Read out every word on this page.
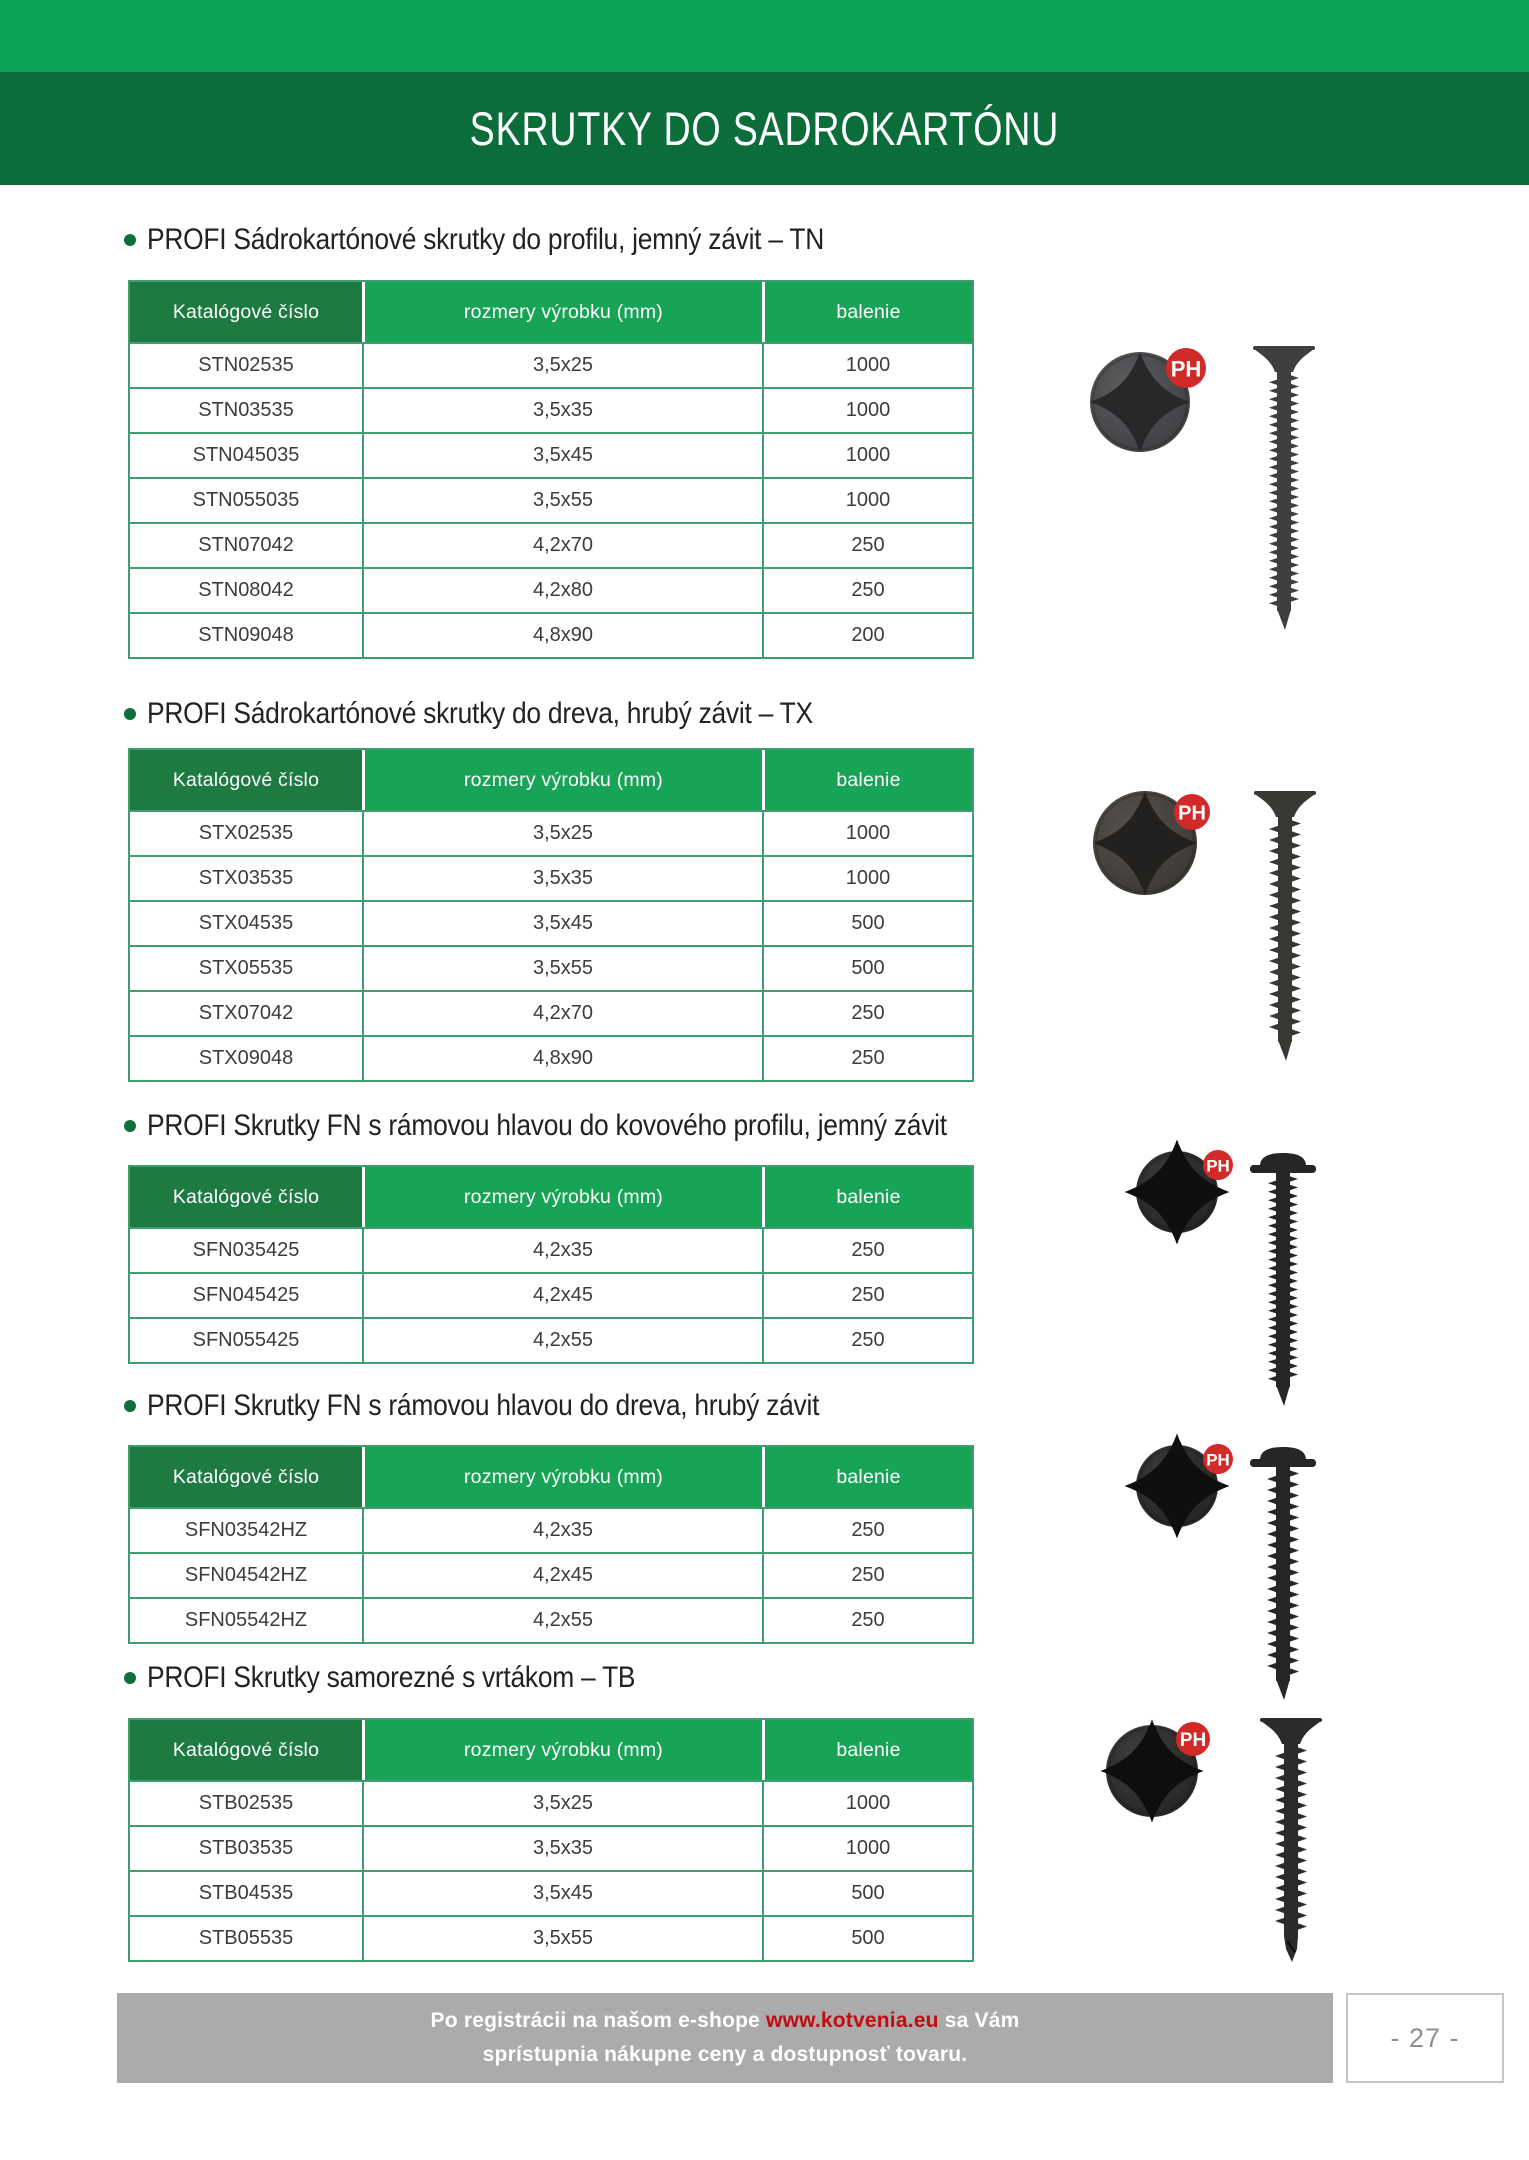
SKRUTKY DO SADROKARTÓNU
PROFI Sádrokartónové skrutky do profilu, jemný závit – TN
Katalógové číslo	rozmery výrobku (mm)	balenie
STN02535	3,5x25	1000
STN03535	3,5x35	1000
STN045035	3,5x45	1000
STN055035	3,5x55	1000
STN07042	4,2x70	250
STN08042	4,2x80	250
STN09048	4,8x90	200
PROFI Sádrokartónové skrutky do dreva, hrubý závit – TX
Katalógové číslo	rozmery výrobku (mm)	balenie
STX02535	3,5x25	1000
STX03535	3,5x35	1000
STX04535	3,5x45	500
STX05535	3,5x55	500
STX07042	4,2x70	250
STX09048	4,8x90	250
PROFI Skrutky FN s rámovou hlavou do kovového profilu, jemný závit
Katalógové číslo	rozmery výrobku (mm)	balenie
SFN035425	4,2x35	250
SFN045425	4,2x45	250
SFN055425	4,2x55	250
PROFI Skrutky FN s rámovou hlavou do dreva, hrubý závit
Katalógové číslo	rozmery výrobku (mm)	balenie
SFN03542HZ	4,2x35	250
SFN04542HZ	4,2x45	250
SFN05542HZ	4,2x55	250
PROFI Skrutky samorezné s vrtákom – TB
Katalógové číslo	rozmery výrobku (mm)	balenie
STB02535	3,5x25	1000
STB03535	3,5x35	1000
STB04535	3,5x45	500
STB05535	3,5x55	500
Po registrácii na našom e-shope www.kotvenia.eu sa Vám
sprístupnia nákupne ceny a dostupnosť tovaru.
- 27 -
PH
PH
PH
PH
PH
